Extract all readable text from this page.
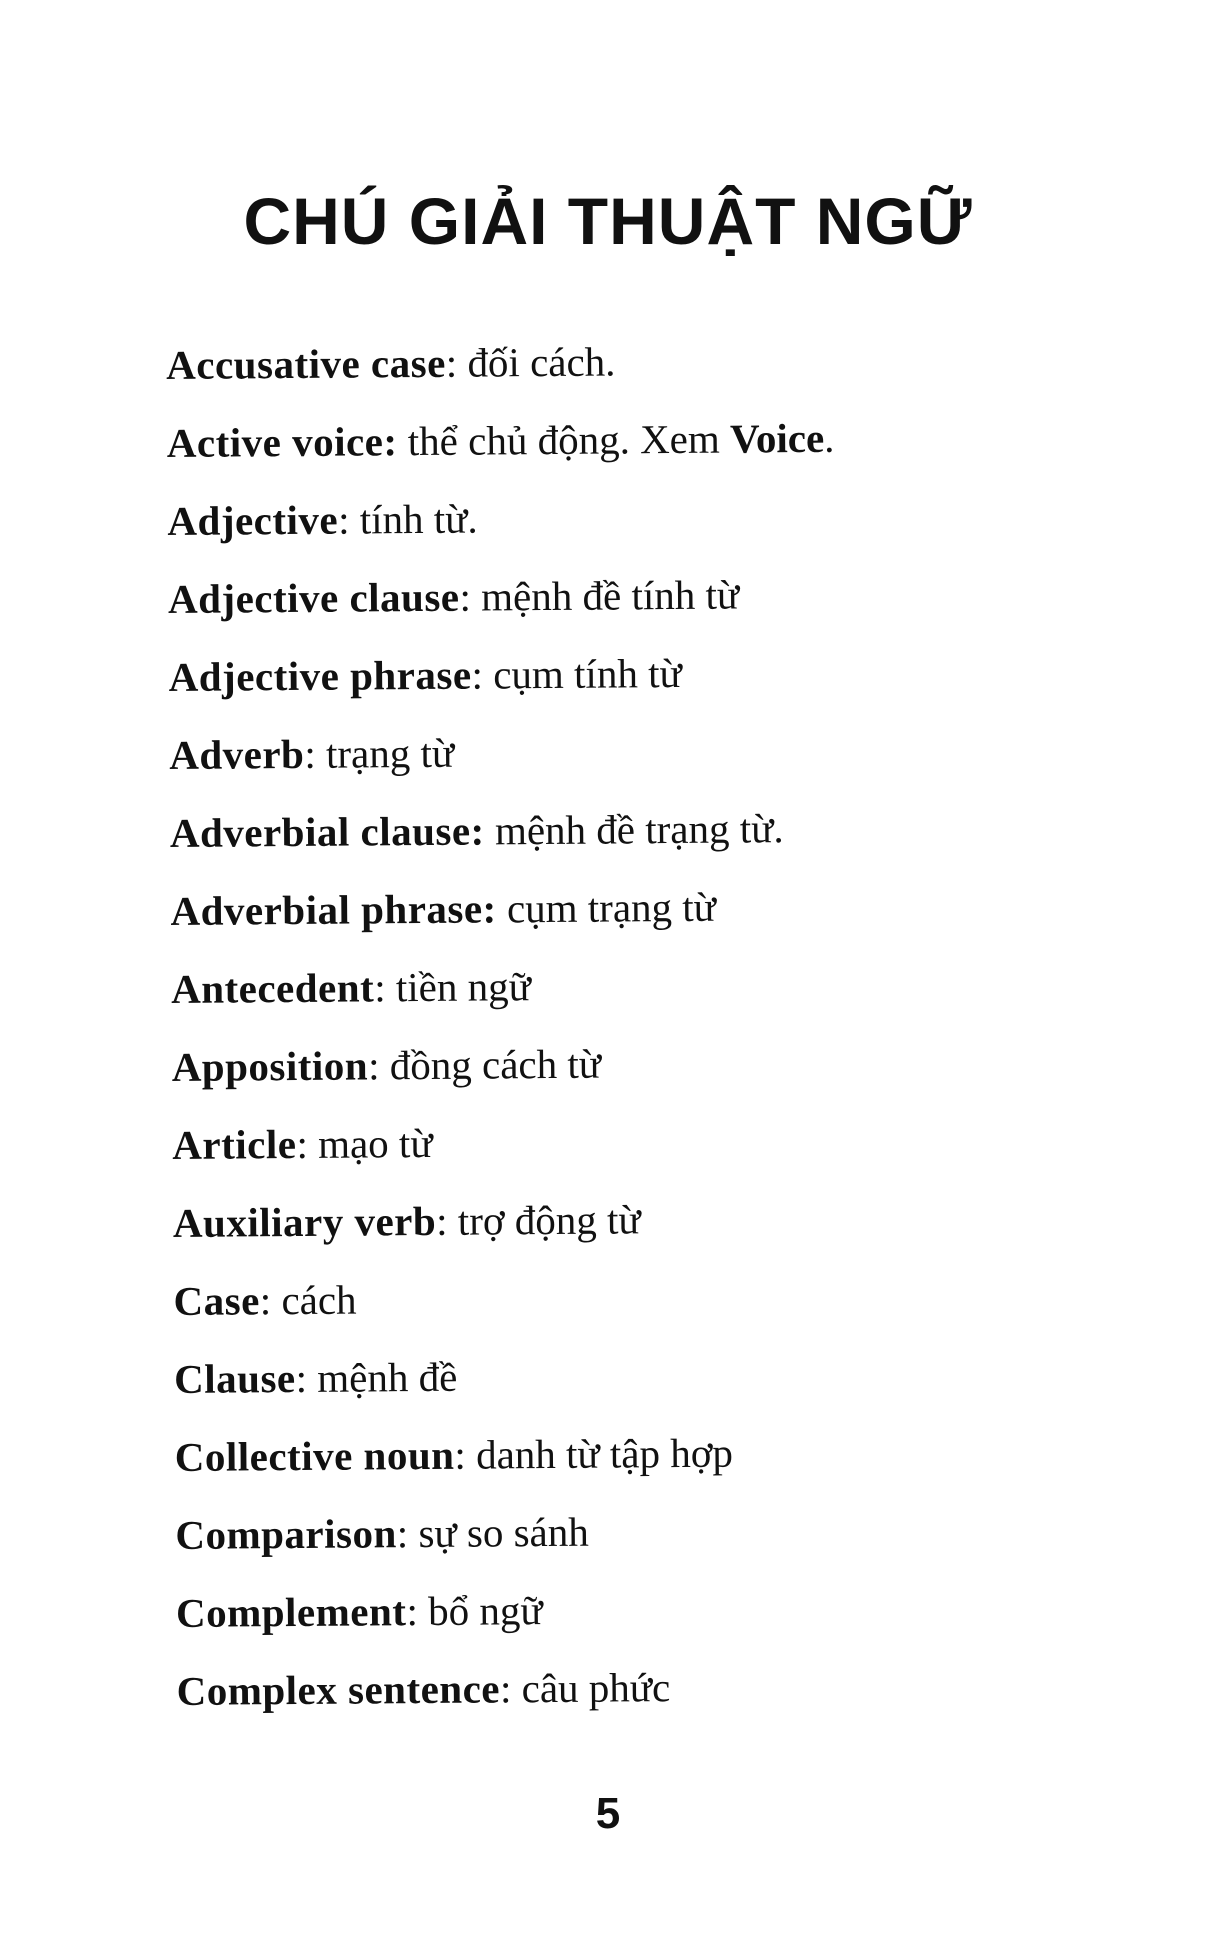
CHÚ GIẢI THUẬT NGỮ
Accusative case: đối cách.
Active voice: thể chủ động. Xem Voice.
Adjective: tính từ.
Adjective clause: mệnh đề tính từ
Adjective phrase: cụm tính từ
Adverb: trạng từ
Adverbial clause: mệnh đề trạng từ.
Adverbial phrase: cụm trạng từ
Antecedent: tiền ngữ
Apposition: đồng cách từ
Article: mạo từ
Auxiliary verb: trợ động từ
Case: cách
Clause: mệnh đề
Collective noun: danh từ tập hợp
Comparison: sự so sánh
Complement: bổ ngữ
Complex sentence: câu phức
5
